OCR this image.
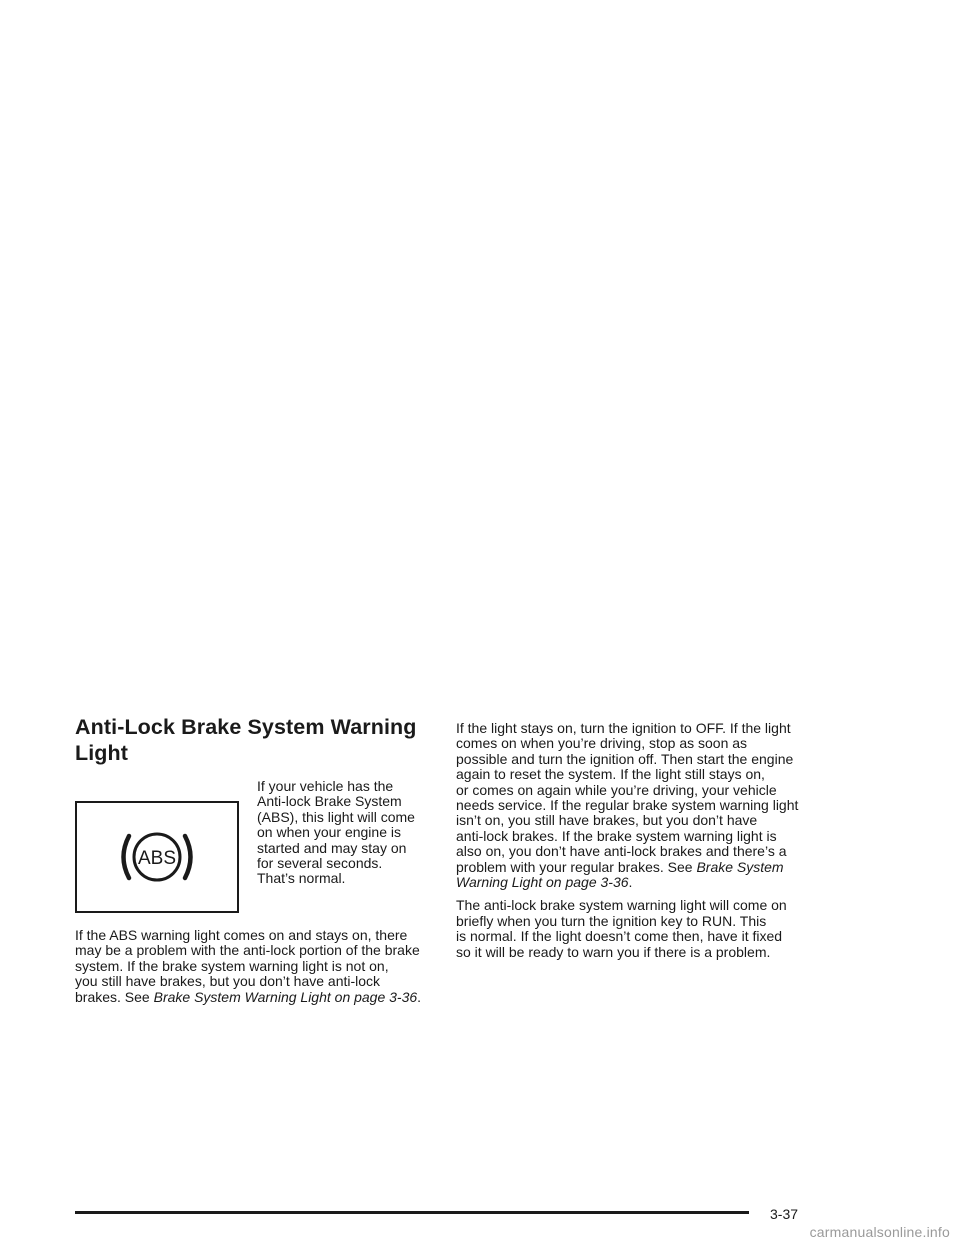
Anti-Lock Brake System Warning
Light
ABS
If your vehicle has the
Anti-lock Brake System
(ABS), this light will come
on when your engine is
started and may stay on
for several seconds.
That’s normal.

If the ABS warning light comes on and stays on, there
may be a problem with the anti-lock portion of the brake
system. If the brake system warning light is not on,
you still have brakes, but you don’t have anti-lock
brakes. See Brake System Warning Light on page 3-36.

If the light stays on, turn the ignition to OFF. If the light
comes on when you’re driving, stop as soon as
possible and turn the ignition off. Then start the engine
again to reset the system. If the light still stays on,
or comes on again while you’re driving, your vehicle
needs service. If the regular brake system warning light
isn’t on, you still have brakes, but you don’t have
anti-lock brakes. If the brake system warning light is
also on, you don’t have anti-lock brakes and there’s a
problem with your regular brakes. See Brake System
Warning Light on page 3-36.

The anti-lock brake system warning light will come on
briefly when you turn the ignition key to RUN. This
is normal. If the light doesn’t come then, have it fixed
so it will be ready to warn you if there is a problem.

3-37
carmanualsonline.info
